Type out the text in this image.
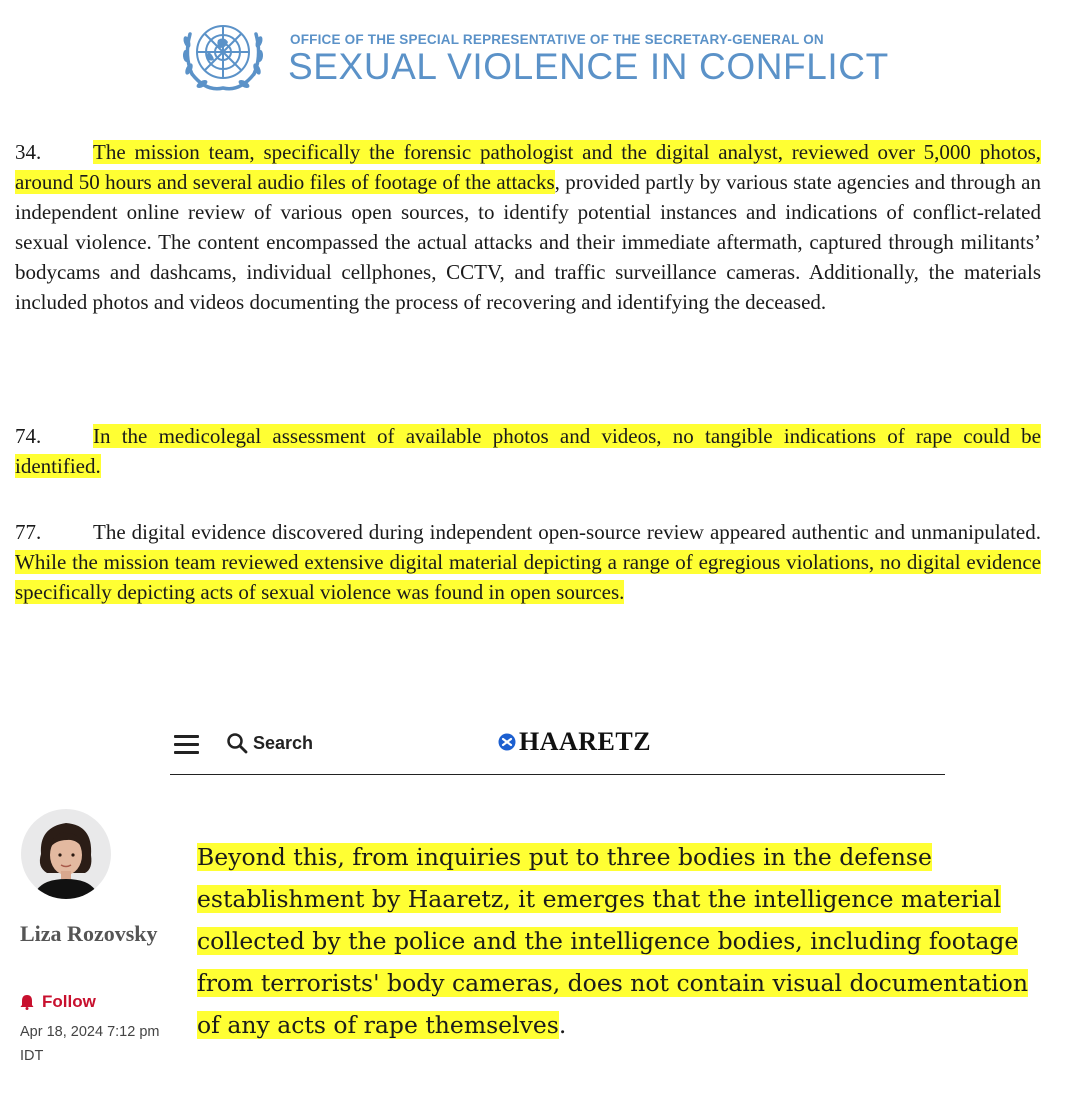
OFFICE OF THE SPECIAL REPRESENTATIVE OF THE SECRETARY-GENERAL ON
SEXUAL VIOLENCE IN CONFLICT

34. The mission team, specifically the forensic pathologist and the digital analyst, reviewed over 5,000 photos, around 50 hours and several audio files of footage of the attacks, provided partly by various state agencies and through an independent online review of various open sources, to identify potential instances and indications of conflict-related sexual violence. The content encompassed the actual attacks and their immediate aftermath, captured through militants’ bodycams and dashcams, individual cellphones, CCTV, and traffic surveillance cameras. Additionally, the materials included photos and videos documenting the process of recovering and identifying the deceased.

74. In the medicolegal assessment of available photos and videos, no tangible indications of rape could be identified.

77. The digital evidence discovered during independent open-source review appeared authentic and unmanipulated. While the mission team reviewed extensive digital material depicting a range of egregious violations, no digital evidence specifically depicting acts of sexual violence was found in open sources.

Search	HAARETZ
Liza Rozovsky
Follow
Apr 18, 2024 7:12 pm IDT

Beyond this, from inquiries put to three bodies in the defense establishment by Haaretz, it emerges that the intelligence material collected by the police and the intelligence bodies, including footage from terrorists' body cameras, does not contain visual documentation of any acts of rape themselves.
